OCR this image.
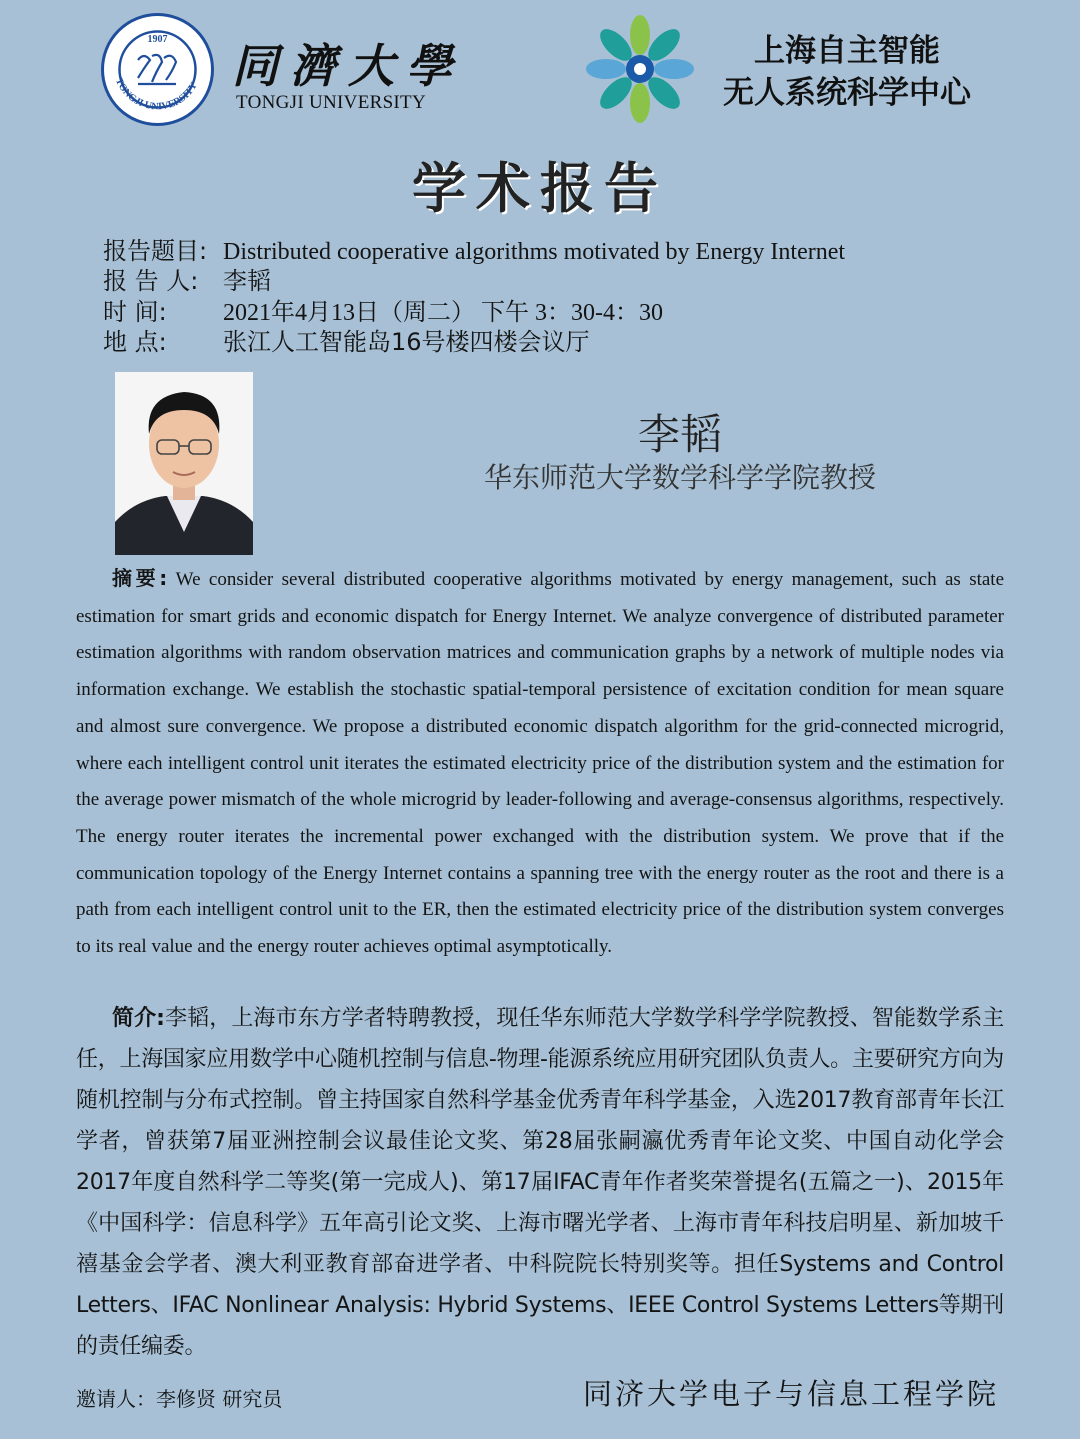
TONGJI UNIVERSITY
1907 同濟大學
TONGJI UNIVERSITY
上海自主智能
无人系统科学中心
学术报告
报告题目: Distributed cooperative algorithms motivated by Energy Internet
报 告 人: 李韬
时 间: 2021年4月13日（周二） 下午 3：30-4：30
地 点: 张江人工智能岛16号楼四楼会议厅
李韬
华东师范大学数学科学学院教授
摘要: We consider several distributed cooperative algorithms motivated by energy management, such as state estimation for smart grids and economic dispatch for Energy Internet. We analyze convergence of distributed parameter estimation algorithms with random observation matrices and communication graphs by a network of multiple nodes via information exchange. We establish the stochastic spatial-temporal persistence of excitation condition for mean square and almost sure convergence. We propose a distributed economic dispatch algorithm for the grid-connected microgrid, where each intelligent control unit iterates the estimated electricity price of the distribution system and the estimation for the average power mismatch of the whole microgrid by leader-following and average-consensus algorithms, respectively. The energy router iterates the incremental power exchanged with the distribution system. We prove that if the communication topology of the Energy Internet contains a spanning tree with the energy router as the root and there is a path from each intelligent control unit to the ER, then the estimated electricity price of the distribution system converges to its real value and the energy router achieves optimal asymptotically.
简介:李韬，上海市东方学者特聘教授，现任华东师范大学数学科学学院教授、智能数学系主任，上海国家应用数学中心随机控制与信息-物理-能源系统应用研究团队负责人。主要研究方向为随机控制与分布式控制。曾主持国家自然科学基金优秀青年科学基金，入选2017教育部青年长江学者，曾获第7届亚洲控制会议最佳论文奖、第28届张嗣瀛优秀青年论文奖、中国自动化学会2017年度自然科学二等奖(第一完成人)、第17届IFAC青年作者奖荣誉提名(五篇之一)、2015年《中国科学：信息科学》五年高引论文奖、上海市曙光学者、上海市青年科技启明星、新加坡千禧基金会学者、澳大利亚教育部奋进学者、中科院院长特别奖等。担任Systems and Control Letters、IFAC Nonlinear Analysis: Hybrid Systems、IEEE Control Systems Letters等期刊的责任编委。
邀请人：李修贤 研究员	同济大学电子与信息工程学院
